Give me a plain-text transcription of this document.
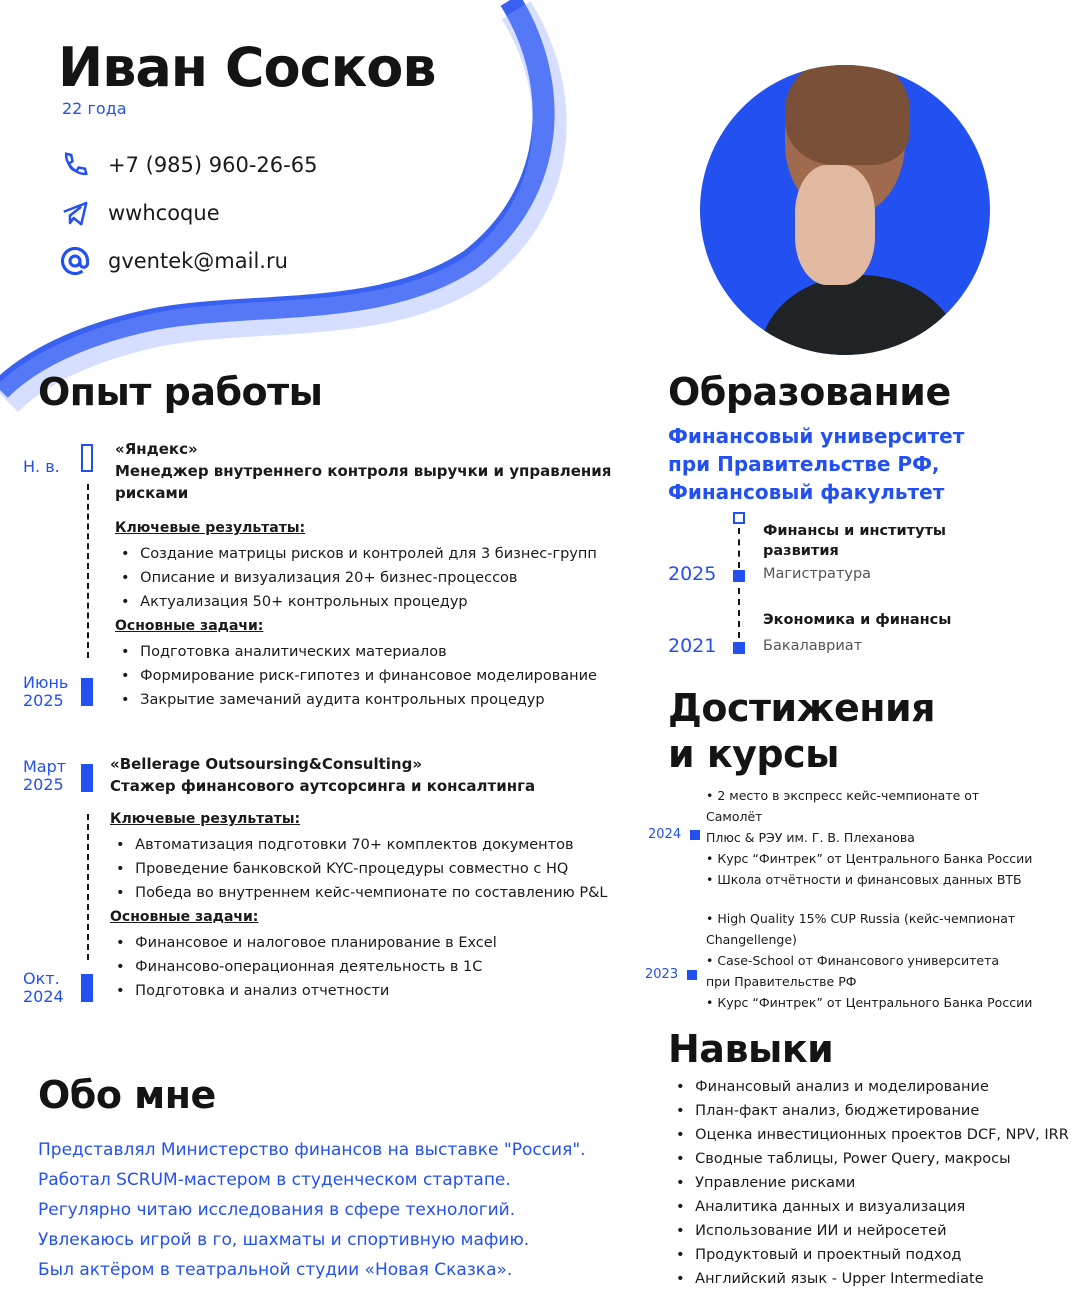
Иван Сосков
22 года
+7 (985) 960-26-65
wwhcoque
gventek@mail.ru
Опыт работы
Н. в.
Июнь
2025
«Яндекс»
Менеджер внутреннего контроля выручки и управления рисками
Ключевые результаты:
• Создание матрицы рисков и контролей для 3 бизнес-групп
• Описание и визуализация 20+ бизнес-процессов
• Актуализация 50+ контрольных процедур
Основные задачи:
• Подготовка аналитических материалов
• Формирование риск-гипотез и финансовое моделирование
• Закрытие замечаний аудита контрольных процедур
Март
2025
Окт.
2024
«Bellerage Outsoursing&Consulting»
Стажер финансового аутсорсинга и консалтинга
Ключевые результаты:
• Автоматизация подготовки 70+ комплектов документов
• Проведение банковской KYC-процедуры совместно с HQ
• Победа во внутреннем кейс-чемпионате по составлению P&L
Основные задачи:
• Финансовое и налоговое планирование в Excel
• Финансово-операционная деятельность в 1С
• Подготовка и анализ отчетности
Обо мне

Представлял Министерство финансов на выставке "Россия".

Работал SCRUM-мастером в студенческом стартапе.

Регулярно читаю исследования в сфере технологий.

Увлекаюсь игрой в го, шахматы и спортивную мафию.

Был актёром в театральной студии «Новая Сказка».

Образование
Финансовый университет
при Правительстве РФ,
Финансовый факультет
2025
Финансы и институты развития
Магистратура
2021
Экономика и финансы
Бакалавриат
Достижения
и курсы
• 2 место в экспресс кейс-чемпионате от
Самолёт
Плюс & РЭУ им. Г. В. Плеханова
• Курс “Финтрек” от Центрального Банка России
• Школа отчётности и финансовых данных ВТБ
2024
• High Quality 15% CUP Russia (кейс-чемпионат
Changellenge)
• Case-School от Финансового университета
при Правительстве РФ
• Курс “Финтрек” от Центрального Банка России
2023
Навыки
• Финансовый анализ и моделирование
• План-факт анализ, бюджетирование
• Оценка инвестиционных проектов DCF, NPV, IRR
• Сводные таблицы, Power Query, макросы
• Управление рисками
• Аналитика данных и визуализация
• Использование ИИ и нейросетей
• Продуктовый и проектный подход
• Английский язык - Upper Intermediate
